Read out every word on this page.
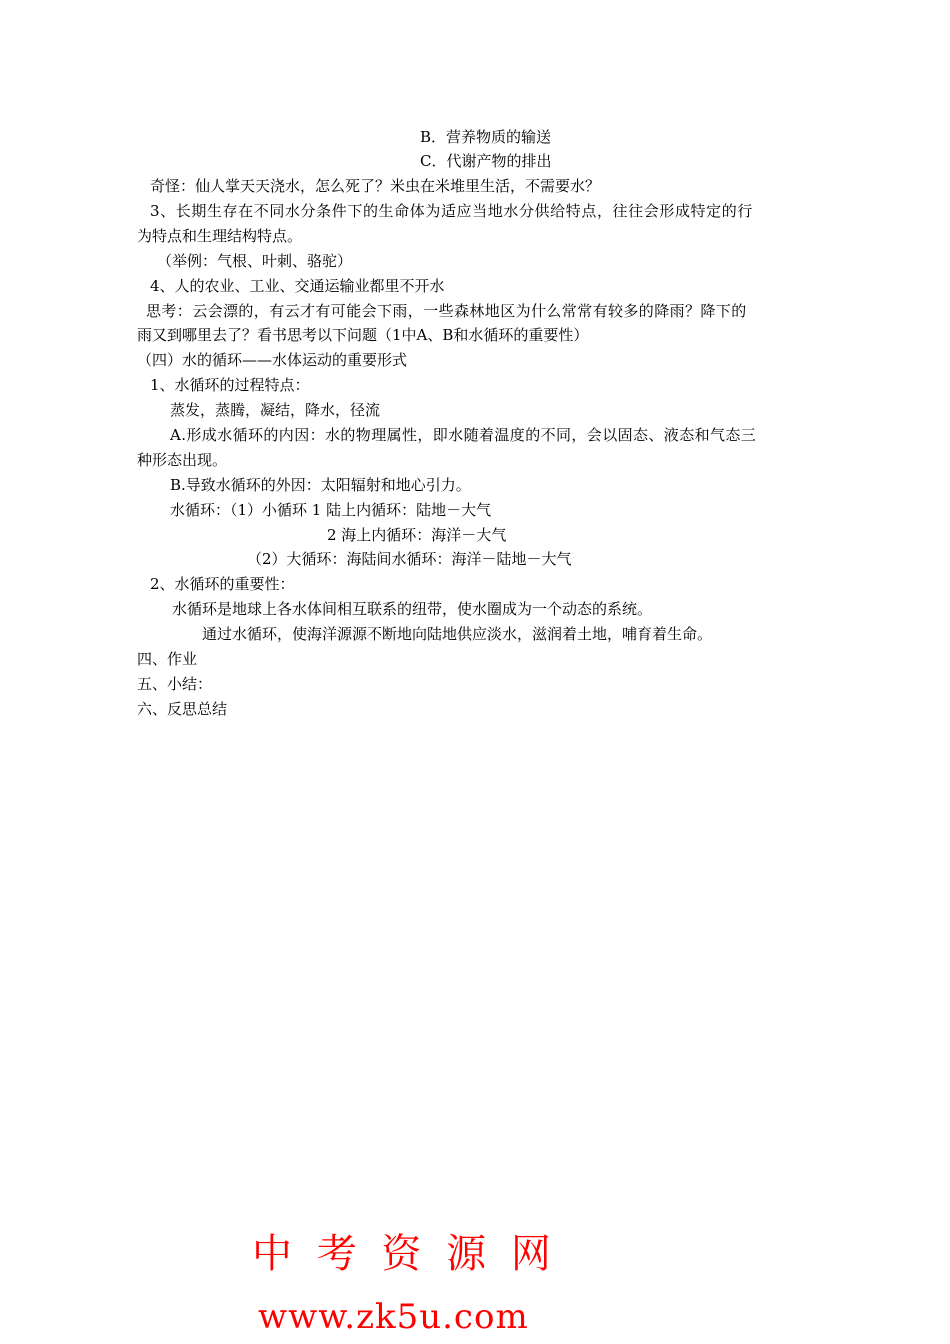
B．营养物质的输送
C．代谢产物的排出
奇怪：仙人掌天天浇水，怎么死了？米虫在米堆里生活，不需要水？
3、长期生存在不同水分条件下的生命体为适应当地水分供给特点，往往会形成特定的行
为特点和生理结构特点。
（举例：气根、叶刺、骆驼）
4、人的农业、工业、交通运输业都里不开水
思考：云会漂的，有云才有可能会下雨，一些森林地区为什么常常有较多的降雨？降下的
雨又到哪里去了？看书思考以下问题（1中A、B和水循环的重要性）
（四）水的循环——水体运动的重要形式
1、水循环的过程特点：
蒸发，蒸腾，凝结，降水，径流
A.形成水循环的内因：水的物理属性，即水随着温度的不同，会以固态、液态和气态三
种形态出现。
B.导致水循环的外因：太阳辐射和地心引力。
水循环：（1）小循环 1 陆上内循环：陆地－大气
2 海上内循环：海洋－大气
（2）大循环：海陆间水循环：海洋－陆地－大气
2、水循环的重要性：
水循环是地球上各水体间相互联系的纽带，使水圈成为一个动态的系统。
通过水循环，使海洋源源不断地向陆地供应淡水，滋润着土地，哺育着生命。
四、作业
五、小结：
六、反思总结
中 考 资 源 网
www.zk5u.com
